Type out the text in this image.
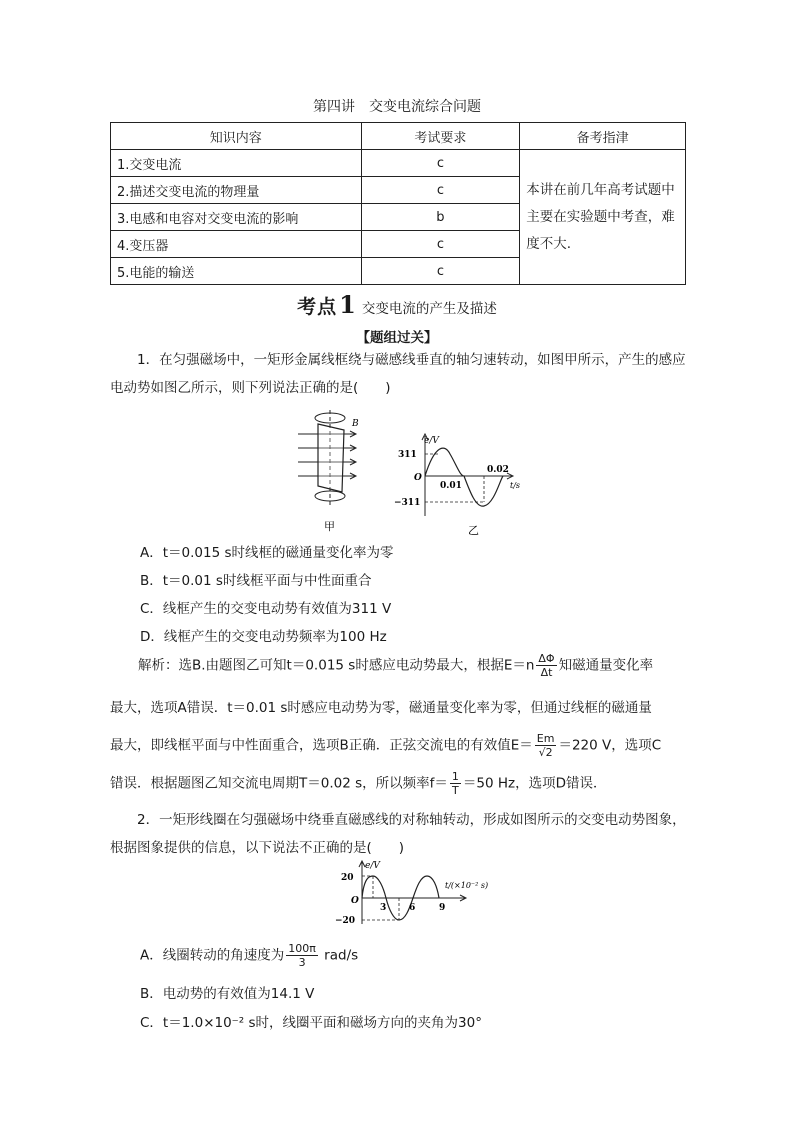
第四讲　交变电流综合问题
知识内容	考试要求	备考指津
1.交变电流	c	本讲在前几年高考试题中主要在实验题中考查，难度不大.
2.描述交变电流的物理量	c	
3.电感和电容对交变电流的影响	b	
4.变压器	c	
5.电能的输送	c	
考点1 交变电流的产生及描述
【题组过关】
1．在匀强磁场中，一矩形金属线框绕与磁感线垂直的轴匀速转动，如图甲所示，产生的感应电动势如图乙所示，则下列说法正确的是(　　)
B
甲
e/V
311
−311
O
0.01
0.02
t/s
乙
A．t＝0.015 s时线框的磁通量变化率为零
B．t＝0.01 s时线框平面与中性面重合
C．线框产生的交变电动势有效值为311 V
D．线框产生的交变电动势频率为100 Hz
解析：选B.由题图乙可知t＝0.015 s时感应电动势最大，根据$E=n \frac{\Delta\Phi}{\Delta t}$ 知磁通量变化率
最大，选项A错误．t＝0.01 s时感应电动势为零，磁通量变化率为零，但通过线框的磁通量
最大，即线框平面与中性面重合，选项B正确．正弦交流电的有效值$E= \frac{Em}{√2} =220$ V，选项C
错误．根据题图乙知交流电周期T＝0.02 s，所以频率$f= \frac{1}{T} =50$ Hz，选项D错误．
2．一矩形线圈在匀强磁场中绕垂直磁感线的对称轴转动，形成如图所示的交变电动势图象，根据图象提供的信息，以下说法不正确的是(　　)
e/V
20
−20
O
3	6	9
t/(×10⁻² s)
A．线圈转动的角速度为 $\frac{100\pi}{3} rad/s$
B．电动势的有效值为14.1 V
C．t＝1.0×10⁻² s时，线圈平面和磁场方向的夹角为30°
